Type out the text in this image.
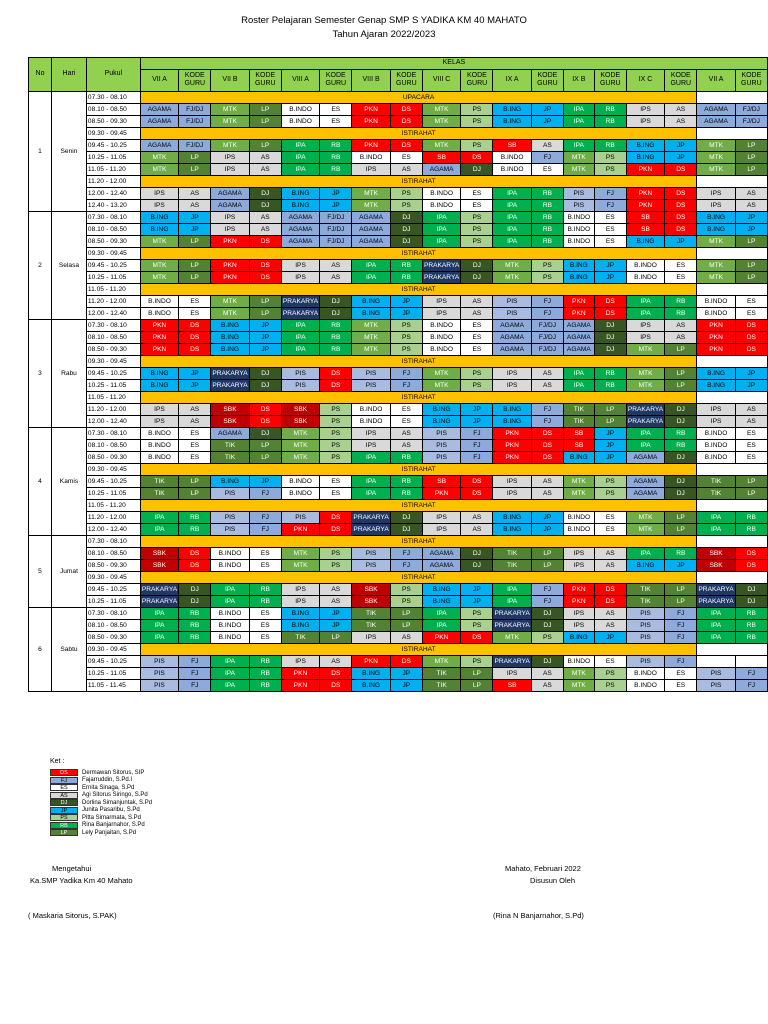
Roster Pelajaran Semester Genap SMP S YADIKA KM 40 MAHATO
Tahun Ajaran 2022/2023
No	Hari	Pukul	KELAS																	
			VII A	KODE GURU	VII B	KODE GURU	VIII A	KODE GURU	VIII B	KODE GURU	VIII C	KODE GURU	IX A	KODE GURU	IX B	KODE GURU	IX C	KODE GURU	VII A	KODE GURU
1	Senin	07.30 - 08.10	UPACARA																	
		08.10 - 08.50	AGAMA	FJ/DJ	MTK	LP	B.INDO	ES	PKN	DS	MTK	PS	B.ING	JP	IPA	RB	IPS	AS	AGAMA	FJ/DJ
		08.50 - 09.30	AGAMA	FJ/DJ	MTK	LP	B.INDO	ES	PKN	DS	MTK	PS	B.ING	JP	IPA	RB	IPS	AS	AGAMA	FJ/DJ
		09.30 - 09.45	ISTIRAHAT																	
		09.45 - 10.25	AGAMA	FJ/DJ	MTK	LP	IPA	RB	PKN	DS	MTK	PS	SB	AS	IPA	RB	B.ING	JP	MTK	LP
		10.25 - 11.05	MTK	LP	IPS	AS	IPA	RB	B.INDO	ES	SB	DS	B.INDO	FJ	MTK	PS	B.ING	JP	MTK	LP
		11.05 - 11.20	MTK	LP	IPS	AS	IPA	RB	IPS	AS	AGAMA	DJ	B.INDO	ES	MTK	PS	PKN	DS	MTK	LP
		11.20 - 12.00	ISTIRAHAT																	
		12.00 - 12.40	IPS	AS	AGAMA	DJ	B.ING	JP	MTK	PS	B.INDO	ES	IPA	RB	PIS	FJ	PKN	DS	IPS	AS
		12.40 - 13.20	IPS	AS	AGAMA	DJ	B.ING	JP	MTK	PS	B.INDO	ES	IPA	RB	PIS	FJ	PKN	DS	IPS	AS
2	Selasa	07.30 - 08.10	B.ING	JP	IPS	AS	AGAMA	FJ/DJ	AGAMA	DJ	IPA	PS	IPA	RB	B.INDO	ES	SB	DS	B.ING	JP
		08.10 - 08.50	B.ING	JP	IPS	AS	AGAMA	FJ/DJ	AGAMA	DJ	IPA	PS	IPA	RB	B.INDO	ES	SB	DS	B.ING	JP
		08.50 - 09.30	MTK	LP	PKN	DS	AGAMA	FJ/DJ	AGAMA	DJ	IPA	PS	IPA	RB	B.INDO	ES	B.ING	JP	MTK	LP
		09.30 - 09.45	ISTIRAHAT																	
		09.45 - 10.25	MTK	LP	PKN	DS	IPS	AS	IPA	RB	PRAKARYA	DJ	MTK	PS	B.ING	JP	B.INDO	ES	MTK	LP
		10.25 - 11.05	MTK	LP	PKN	DS	IPS	AS	IPA	RB	PRAKARYA	DJ	MTK	PS	B.ING	JP	B.INDO	ES	MTK	LP
		11.05 - 11.20	ISTIRAHAT																	
		11.20 - 12.00	B.INDO	ES	MTK	LP	PRAKARYA	DJ	B.ING	JP	IPS	AS	PIS	FJ	PKN	DS	IPA	RB	B.INDO	ES
		12.00 - 12.40	B.INDO	ES	MTK	LP	PRAKARYA	DJ	B.ING	JP	IPS	AS	PIS	FJ	PKN	DS	IPA	RB	B.INDO	ES
3	Rabu	07.30 - 08.10	PKN	DS	B.ING	JP	IPA	RB	MTK	PS	B.INDO	ES	AGAMA	FJ/DJ	AGAMA	DJ	IPS	AS	PKN	DS
		08.10 - 08.50	PKN	DS	B.ING	JP	IPA	RB	MTK	PS	B.INDO	ES	AGAMA	FJ/DJ	AGAMA	DJ	IPS	AS	PKN	DS
		08.50 - 09.30	PKN	DS	B.ING	JP	IPA	RB	MTK	PS	B.INDO	ES	AGAMA	FJ/DJ	AGAMA	DJ	MTK	LP	PKN	DS
		09.30 - 09.45	ISTIRAHAT																	
		09.45 - 10.25	B.ING	JP	PRAKARYA	DJ	PIS	DS	PIS	FJ	MTK	PS	IPS	AS	IPA	RB	MTK	LP	B.ING	JP
		10.25 - 11.05	B.ING	JP	PRAKARYA	DJ	PIS	DS	PIS	FJ	MTK	PS	IPS	AS	IPA	RB	MTK	LP	B.ING	JP
		11.05 - 11.20	ISTIRAHAT																	
		11.20 - 12.00	IPS	AS	SBK	DS	SBK	PS	B.INDO	ES	B.ING	JP	B.ING	FJ	TIK	LP	PRAKARYA	DJ	IPS	AS
		12.00 - 12.40	IPS	AS	SBK	DS	SBK	PS	B.INDO	ES	B.ING	JP	B.ING	FJ	TIK	LP	PRAKARYA	DJ	IPS	AS
4	Kamis	07.30 - 08.10	B.INDO	ES	AGAMA	DJ	MTK	PS	IPS	AS	PIS	FJ	PKN	DS	SB	JP	IPA	RB	B.INDO	ES
		08.10 - 08.50	B.INDO	ES	TIK	LP	MTK	PS	IPS	AS	PIS	FJ	PKN	DS	SB	JP	IPA	RB	B.INDO	ES
		08.50 - 09.30	B.INDO	ES	TIK	LP	MTK	PS	IPA	RB	PIS	FJ	PKN	DS	B.ING	JP	AGAMA	DJ	B.INDO	ES
		09.30 - 09.45	ISTIRAHAT																	
		09.45 - 10.25	TIK	LP	B.ING	JP	B.INDO	ES	IPA	RB	SB	DS	IPS	AS	MTK	PS	AGAMA	DJ	TIK	LP
		10.25 - 11.05	TIK	LP	PIS	FJ	B.INDO	ES	IPA	RB	PKN	DS	IPS	AS	MTK	PS	AGAMA	DJ	TIK	LP
		11.05 - 11.20	ISTIRAHAT																	
		11.20 - 12.00	IPA	RB	PIS	FJ	PIS	DS	PRAKARYA	DJ	IPS	AS	B.ING	JP	B.INDO	ES	MTK	LP	IPA	RB
		12.00 - 12.40	IPA	RB	PIS	FJ	PKN	DS	PRAKARYA	DJ	IPS	AS	B.ING	JP	B.INDO	ES	MTK	LP	IPA	RB
5	Jumat	07.30 - 08.10	ISTIRAHAT																	
		08.10 - 08.50	SBK	DS	B.INDO	ES	MTK	PS	PIS	FJ	AGAMA	DJ	TIK	LP	IPS	AS	IPA	RB	SBK	DS
		08.50 - 09.30	SBK	DS	B.INDO	ES	MTK	PS	PIS	FJ	AGAMA	DJ	TIK	LP	IPS	AS	B.ING	JP	SBK	DS
		09.30 - 09.45	ISTIRAHAT																	
		09.45 - 10.25	PRAKARYA	DJ	IPA	RB	IPS	AS	SBK	PS	B.ING	JP	IPA	FJ	PKN	DS	TIK	LP	PRAKARYA	DJ
		10.25 - 11.05	PRAKARYA	DJ	IPA	RB	IPS	AS	SBK	PS	B.ING	JP	IPA	FJ	PKN	DS	TIK	LP	PRAKARYA	DJ
6	Sabtu	07.30 - 08.10	IPA	RB	B.INDO	ES	B.ING	JP	TIK	LP	IPA	PS	PRAKARYA	DJ	IPS	AS	PIS	FJ	IPA	RB
		08.10 - 08.50	IPA	RB	B.INDO	ES	B.ING	JP	TIK	LP	IPA	PS	PRAKARYA	DJ	IPS	AS	PIS	FJ	IPA	RB
		08.50 - 09.30	IPA	RB	B.INDO	ES	TIK	LP	IPS	AS	PKN	DS	MTK	PS	B.ING	JP	PIS	FJ	IPA	RB
		09.30 - 09.45	ISTIRAHAT																	
		09.45 - 10.25	PIS	FJ	IPA	RB	IPS	AS	PKN	DS	MTK	PS	PRAKARYA	DJ	B.INDO	ES	PIS	FJ		
		10.25 - 11.05	PIS	FJ	IPA	RB	PKN	DS	B.ING	JP	TIK	LP	IPS	AS	MTK	PS	B.INDO	ES	PIS	FJ
		11.05 - 11.45	PIS	FJ	IPA	RB	PKN	DS	B.ING	JP	TIK	LP	SB	AS	MTK	PS	B.INDO	ES	PIS	FJ
Ket :
DS	Dermawan Sitorus, SIP
FJ	Fajarruddin, S.Pd.I
ES	Ernita Sinaga, S.Pd
AS	Agi Sitorus Siringo, S.Pd
DJ	Dorlina Simanjuntak, S.Pd
JP	Junita Pasaribu, S.Pd
PS	Pitta Simarmata, S.Pd
RB	Rina Banjarnahor, S.Pd
LP	Lely Panjaitan, S.Pd
Mengetahui
Ka.SMP Yadika Km 40 Mahato
Mahato, Februari 2022
Disusun Oleh
( Maskaria Sitorus, S.PAK)	(Rina N Banjarnahor, S.Pd)
